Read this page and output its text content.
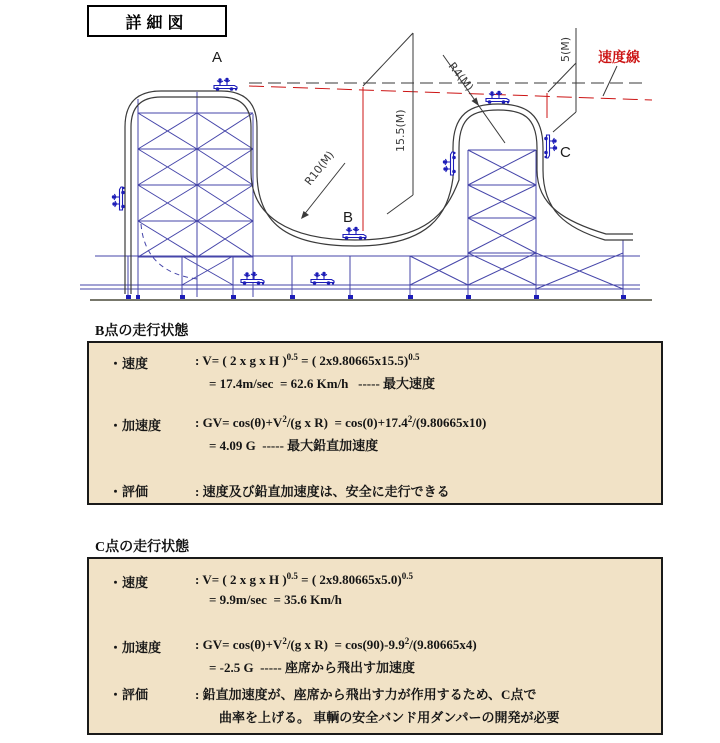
15.5(M)
5(M)
R4(M)
R10(M)
A
B
C
速度線
詳細図
B点の走行状態
・速度	: V= ( 2 x g x H )$^{0.5}$ = ( 2x9.80665x15.5)$^{0.5}$
= 17.4m/sec  = 62.6 Km/h   ----- 最大速度
・加速度	: $GV= \cos(\theta)+V^2/(g$ x $R) = \cos(0)+17.4^2/(9.80665x10)$
= 4.09 G  ----- 最大鉛直加速度
・評価	: 速度及び鉛直加速度は、安全に走行できる
C点の走行状態
・速度	: V= ( 2 x g x H )$^{0.5}$ = ( 2x9.80665x5.0)$^{0.5}$
= 9.9m/sec  = 35.6 Km/h
・加速度	: $GV= \cos(\theta)+V^2/(g$ x $R) = \cos(90)-9.9^2/(9.80665x4)$
= -2.5 G  ----- 座席から飛出す加速度
・評価	: 鉛直加速度が、座席から飛出す力が作用するため、C点で
曲率を上げる。 車輌の安全バンド用ダンパーの開発が必要
